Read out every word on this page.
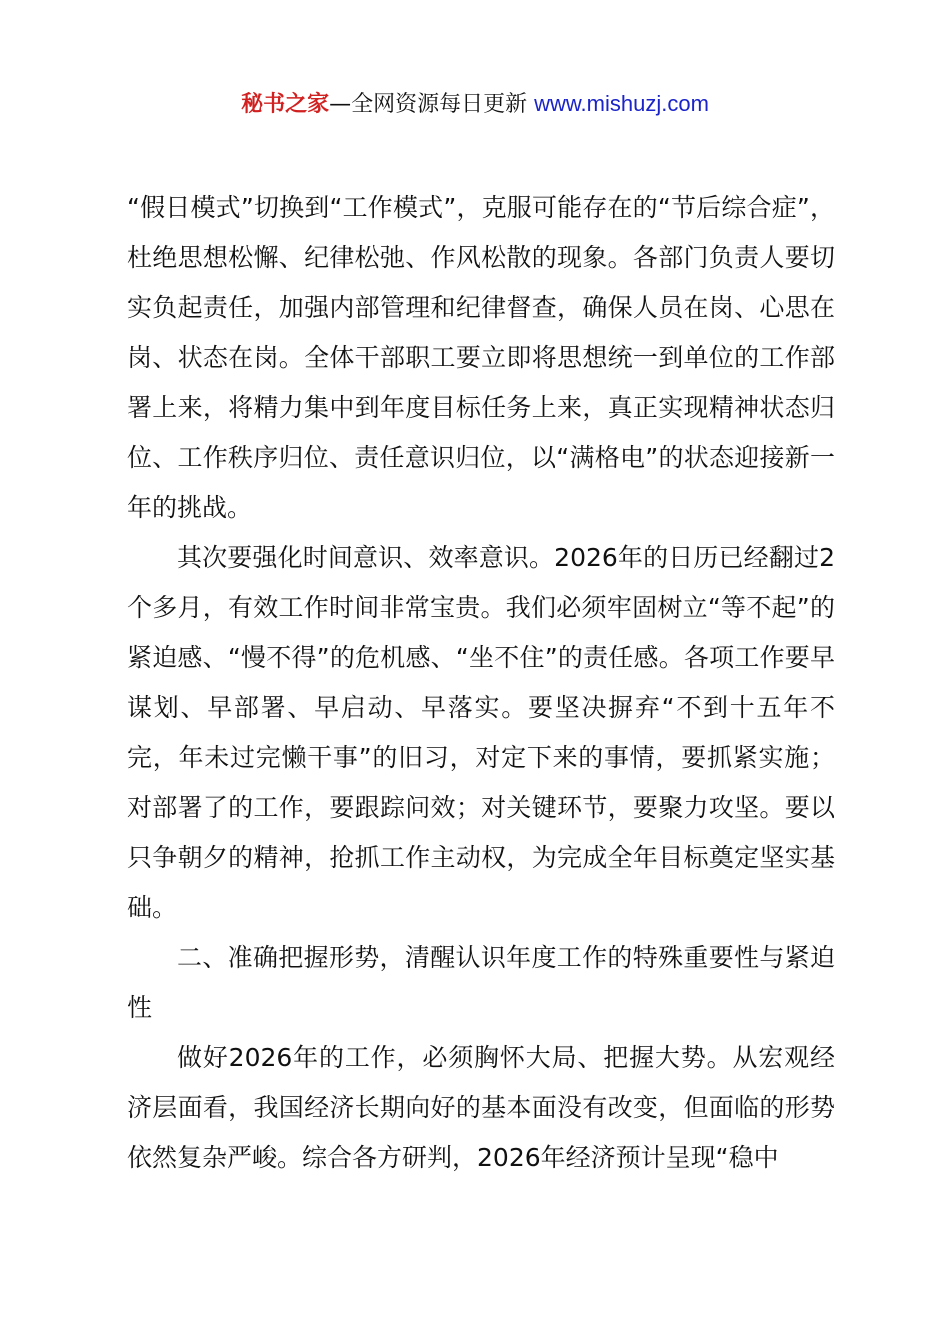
秘书之家—全网资源每日更新 www.mishuzj.com

“假日模式”切换到“工作模式”，克服可能存在的“节后综合症”，杜绝思想松懈、纪律松弛、作风松散的现象。各部门负责人要切实负起责任，加强内部管理和纪律督查，确保人员在岗、心思在岗、状态在岗。全体干部职工要立即将思想统一到单位的工作部署上来，将精力集中到年度目标任务上来，真正实现精神状态归位、工作秩序归位、责任意识归位，以“满格电”的状态迎接新一年的挑战。

其次要强化时间意识、效率意识。2026年的日历已经翻过2个多月，有效工作时间非常宝贵。我们必须牢固树立“等不起”的紧迫感、“慢不得”的危机感、“坐不住”的责任感。各项工作要早谋划、早部署、早启动、早落实。要坚决摒弃“不到十五年不完，年未过完懒干事”的旧习，对定下来的事情，要抓紧实施；对部署了的工作，要跟踪问效；对关键环节，要聚力攻坚。要以只争朝夕的精神，抢抓工作主动权，为完成全年目标奠定坚实基础。

二、准确把握形势，清醒认识年度工作的特殊重要性与紧迫性

做好2026年的工作，必须胸怀大局、把握大势。从宏观经济层面看，我国经济长期向好的基本面没有改变，但面临的形势依然复杂严峻。综合各方研判，2026年经济预计呈现“稳中
